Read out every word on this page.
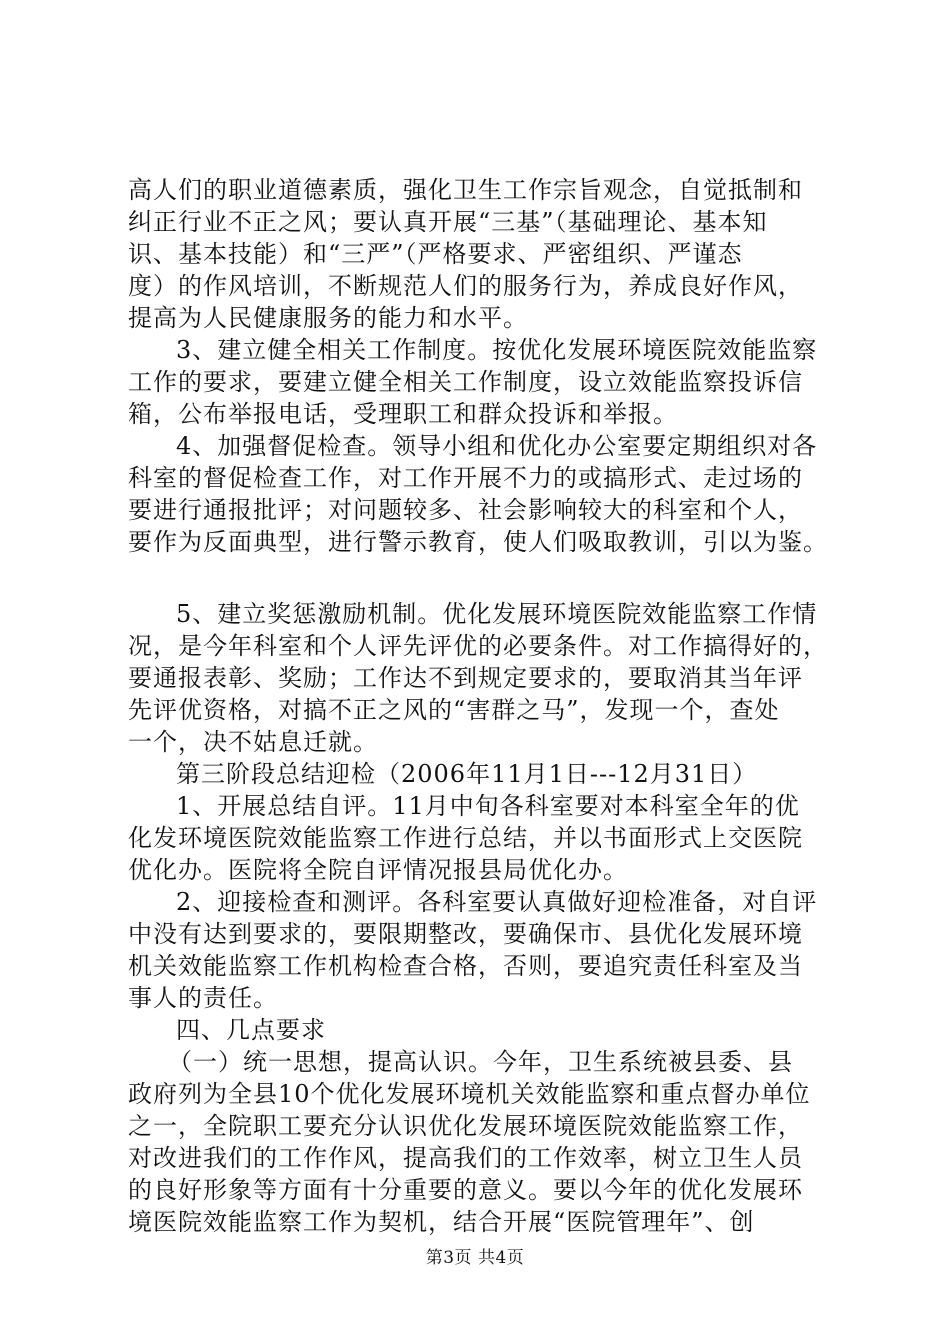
高人们的职业道德素质，强化卫生工作宗旨观念，自觉抵制和
纠正行业不正之风；要认真开展“三基”（基础理论、基本知
识、基本技能）和“三严”（严格要求、严密组织、严谨态
度）的作风培训，不断规范人们的服务行为，养成良好作风，
提高为人民健康服务的能力和水平。
3、建立健全相关工作制度。按优化发展环境医院效能监察
工作的要求，要建立健全相关工作制度，设立效能监察投诉信
箱，公布举报电话，受理职工和群众投诉和举报。
4、加强督促检查。领导小组和优化办公室要定期组织对各
科室的督促检查工作，对工作开展不力的或搞形式、走过场的
要进行通报批评；对问题较多、社会影响较大的科室和个人，
要作为反面典型，进行警示教育，使人们吸取教训，引以为鉴。
5、建立奖惩激励机制。优化发展环境医院效能监察工作情
况，是今年科室和个人评先评优的必要条件。对工作搞得好的，
要通报表彰、奖励；工作达不到规定要求的，要取消其当年评
先评优资格，对搞不正之风的“害群之马”，发现一个，查处
一个，决不姑息迁就。
第三阶段总结迎检（2006年11月1日---12月31日）
1、开展总结自评。11月中旬各科室要对本科室全年的优
化发环境医院效能监察工作进行总结，并以书面形式上交医院
优化办。医院将全院自评情况报县局优化办。
2、迎接检查和测评。各科室要认真做好迎检准备，对自评
中没有达到要求的，要限期整改，要确保市、县优化发展环境
机关效能监察工作机构检查合格，否则，要追究责任科室及当
事人的责任。
四、几点要求
（一）统一思想，提高认识。今年，卫生系统被县委、县
政府列为全县10个优化发展环境机关效能监察和重点督办单位
之一，全院职工要充分认识优化发展环境医院效能监察工作，
对改进我们的工作作风，提高我们的工作效率，树立卫生人员
的良好形象等方面有十分重要的意义。要以今年的优化发展环
境医院效能监察工作为契机，结合开展“医院管理年”、创
第3页 共4页
